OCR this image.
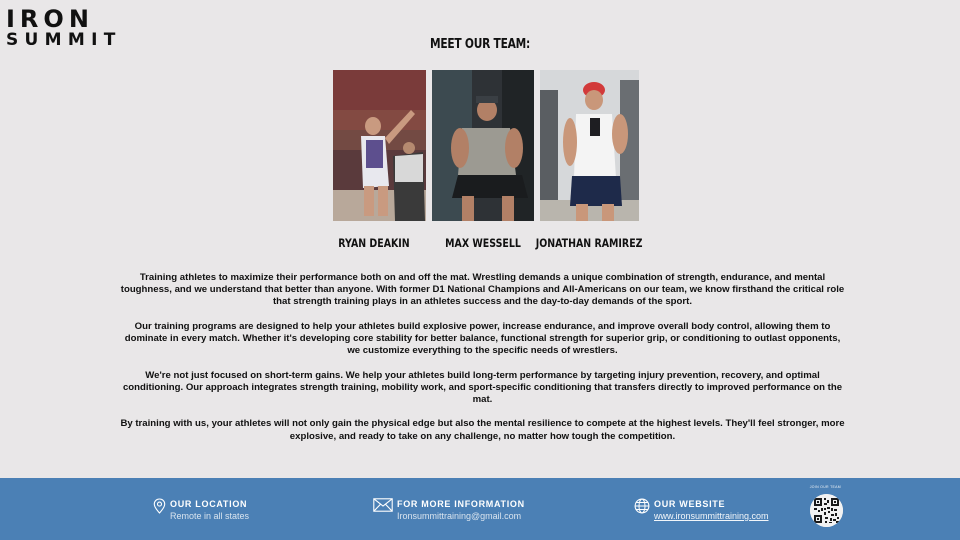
IRON
SUMMIT	MEET OUR TEAM:
RYAN DEAKIN	MAX WESSELL	JONATHAN RAMIREZ

Training athletes to maximize their performance both on and off the mat. Wrestling demands a unique combination of strength, endurance, and mental toughness, and we understand that better than anyone. With former D1 National Champions and All-Americans on our team, we know firsthand the critical role that strength training plays in an athletes success and the day-to-day demands of the sport.

Our training programs are designed to help your athletes build explosive power, increase endurance, and improve overall body control, allowing them to dominate in every match. Whether it's developing core stability for better balance, functional strength for superior grip, or conditioning to outlast opponents, we customize everything to the specific needs of wrestlers.

We're not just focused on short-term gains. We help your athletes build long-term performance by targeting injury prevention, recovery, and optimal conditioning. Our approach integrates strength training, mobility work, and sport-specific conditioning that transfers directly to improved performance on the mat.

By training with us, your athletes will not only gain the physical edge but also the mental resilience to compete at the highest levels. They'll feel stronger, more explosive, and ready to take on any challenge, no matter how tough the competition.

OUR LOCATION
Remote in all states
FOR MORE INFORMATION
Ironsummittraining@gmail.com
OUR WEBSITE
www.ironsummittraining.com
JOIN OUR TEAM
